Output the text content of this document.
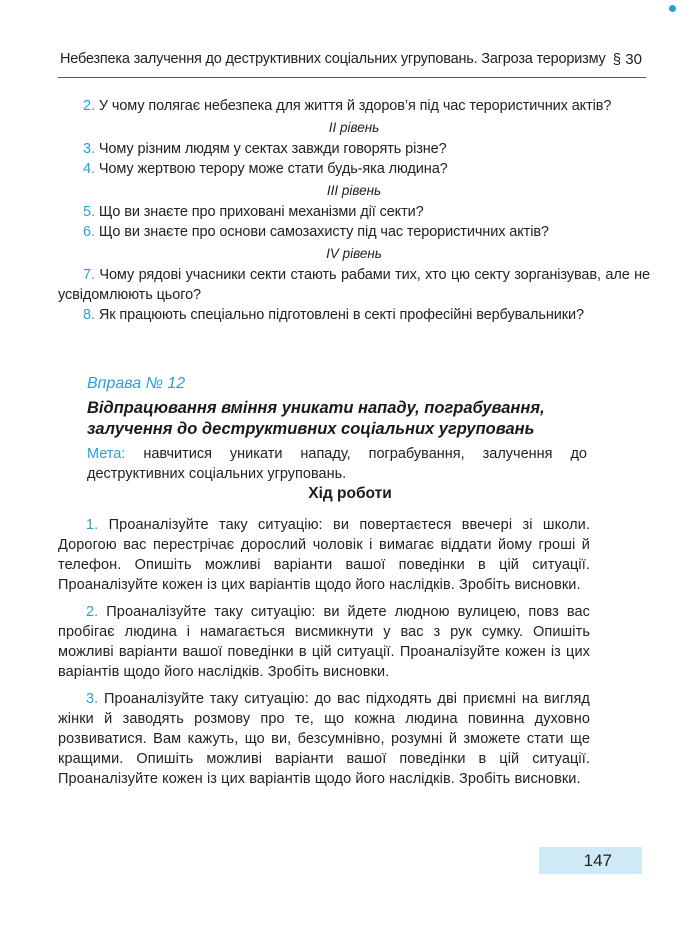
Небезпека залучення до деструктивних соціальних угруповань. Загроза тероризму § 30
2. У чому полягає небезпека для життя й здоров’я під час терористичних актів?
ІІ рівень
3. Чому різним людям у сектах завжди говорять різне?
4. Чому жертвою терору може стати будь-яка людина?
ІІІ рівень
5. Що ви знаєте про приховані механізми дії секти?
6. Що ви знаєте про основи самозахисту під час терористичних актів?
IV рівень
7. Чому рядові учасники секти стають рабами тих, хто цю секту зорганізував, але не усвідомлюють цього?
8. Як працюють спеціально підготовлені в секті професійні вербувальники?
Вправа № 12
Відпрацювання вміння уникати нападу, пограбування, залучення до деструктивних соціальних угруповань
Мета: навчитися уникати нападу, пограбування, залучення до деструктивних соціальних угруповань.
Хід роботи
1. Проаналізуйте таку ситуацію: ви повертаєтеся ввечері зі школи. Дорогою вас перестрічає дорослий чоловік і вимагає віддати йому гроші й телефон. Опишіть можливі варіанти вашої поведінки в цій ситуації. Проаналізуйте кожен із цих варіантів щодо його наслідків. Зробіть висновки.
2. Проаналізуйте таку ситуацію: ви йдете людною вулицею, повз вас пробігає людина і намагається висмикнути у вас з рук сумку. Опишіть можливі варіанти вашої поведінки в цій ситуації. Проаналізуйте кожен із цих варіантів щодо його наслідків. Зробіть висновки.
3. Проаналізуйте таку ситуацію: до вас підходять дві приємні на вигляд жінки й заводять розмову про те, що кожна людина повинна духовно розвиватися. Вам кажуть, що ви, безсумнівно, розумні й зможете стати ще кращими. Опишіть можливі варіанти вашої поведінки в цій ситуації. Проаналізуйте кожен із цих варіантів щодо його наслідків. Зробіть висновки.
147
